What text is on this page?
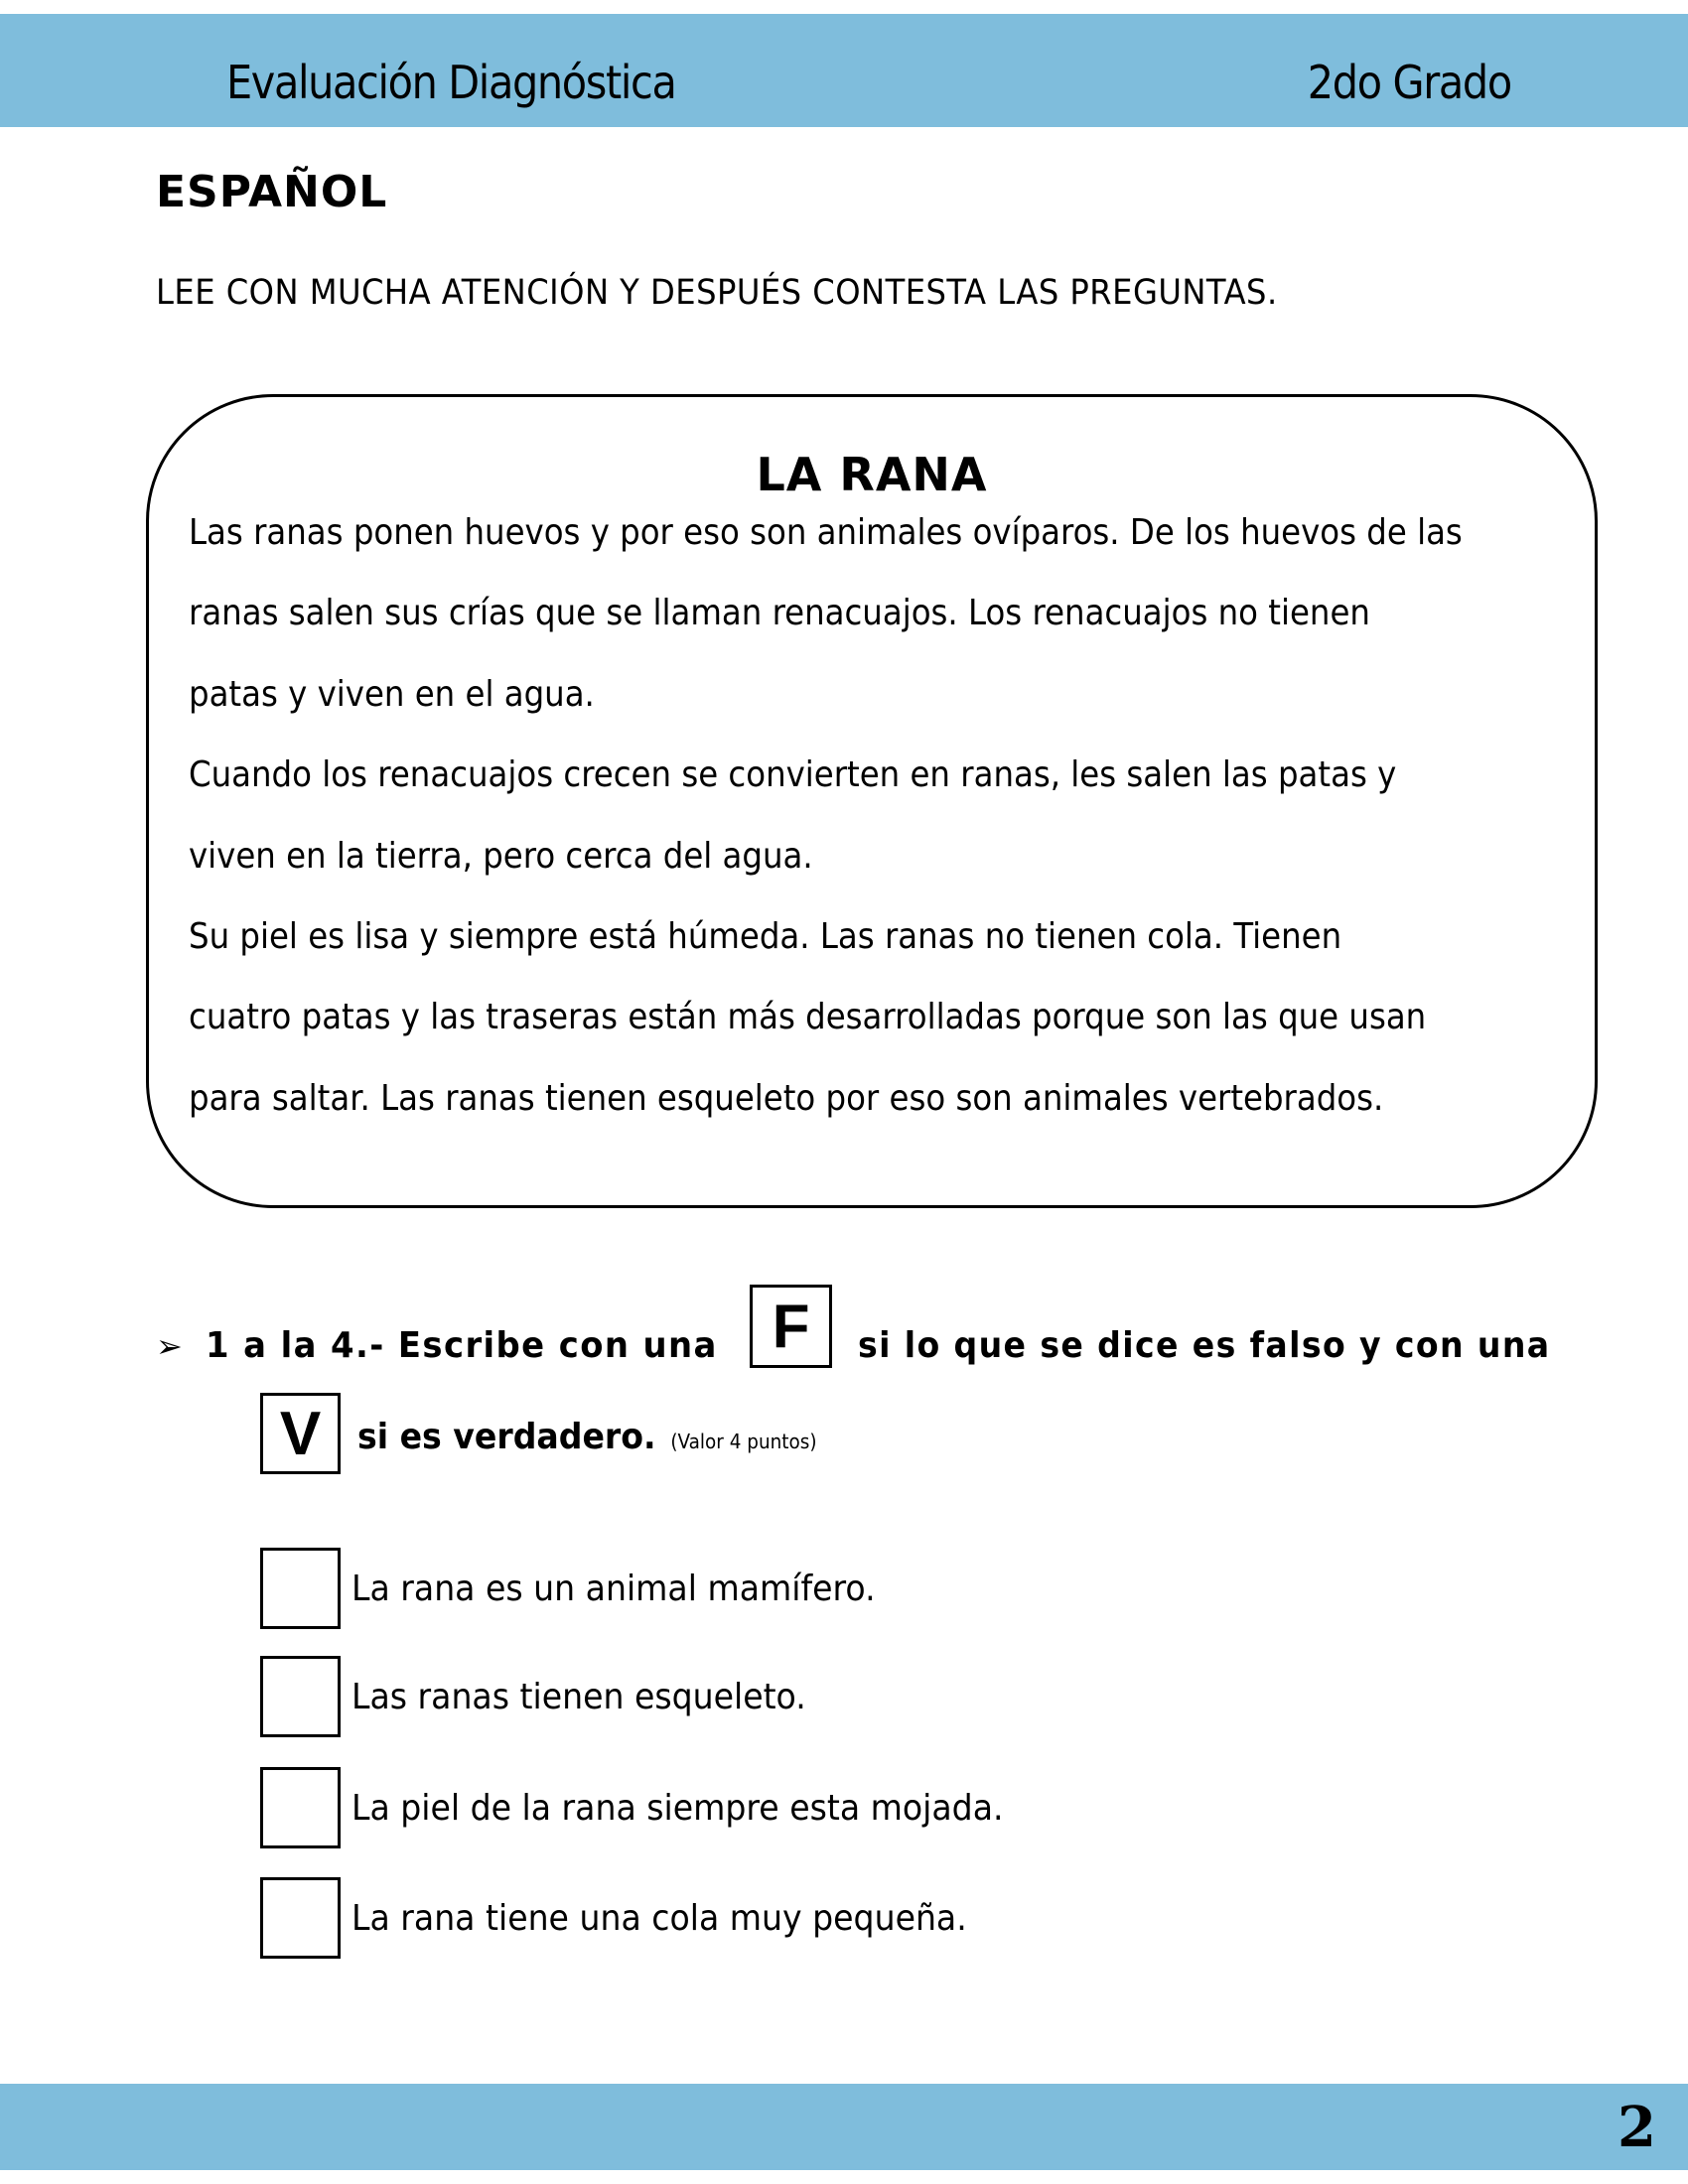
Evaluación Diagnóstica	2do Grado
ESPAÑOL
LEE CON MUCHA ATENCIÓN Y DESPUÉS CONTESTA LAS PREGUNTAS.
LA RANA
Las ranas ponen huevos y por eso son animales ovíparos. De los huevos de las
ranas salen sus crías que se llaman renacuajos. Los renacuajos no tienen
patas y viven en el agua.
Cuando los renacuajos crecen se convierten en ranas, les salen las patas y
viven en la tierra, pero cerca del agua.
Su piel es lisa y siempre está húmeda. Las ranas no tienen cola. Tienen
cuatro patas y las traseras están más desarrolladas porque son las que usan
para saltar. Las ranas tienen esqueleto por eso son animales vertebrados.
➢ 1 a la 4.- Escribe con una F	si lo que se dice es falso y con una
V	si es verdadero. (Valor 4 puntos)
La rana es un animal mamífero.
Las ranas tienen esqueleto.
La piel de la rana siempre esta mojada.
La rana tiene una cola muy pequeña.
2
